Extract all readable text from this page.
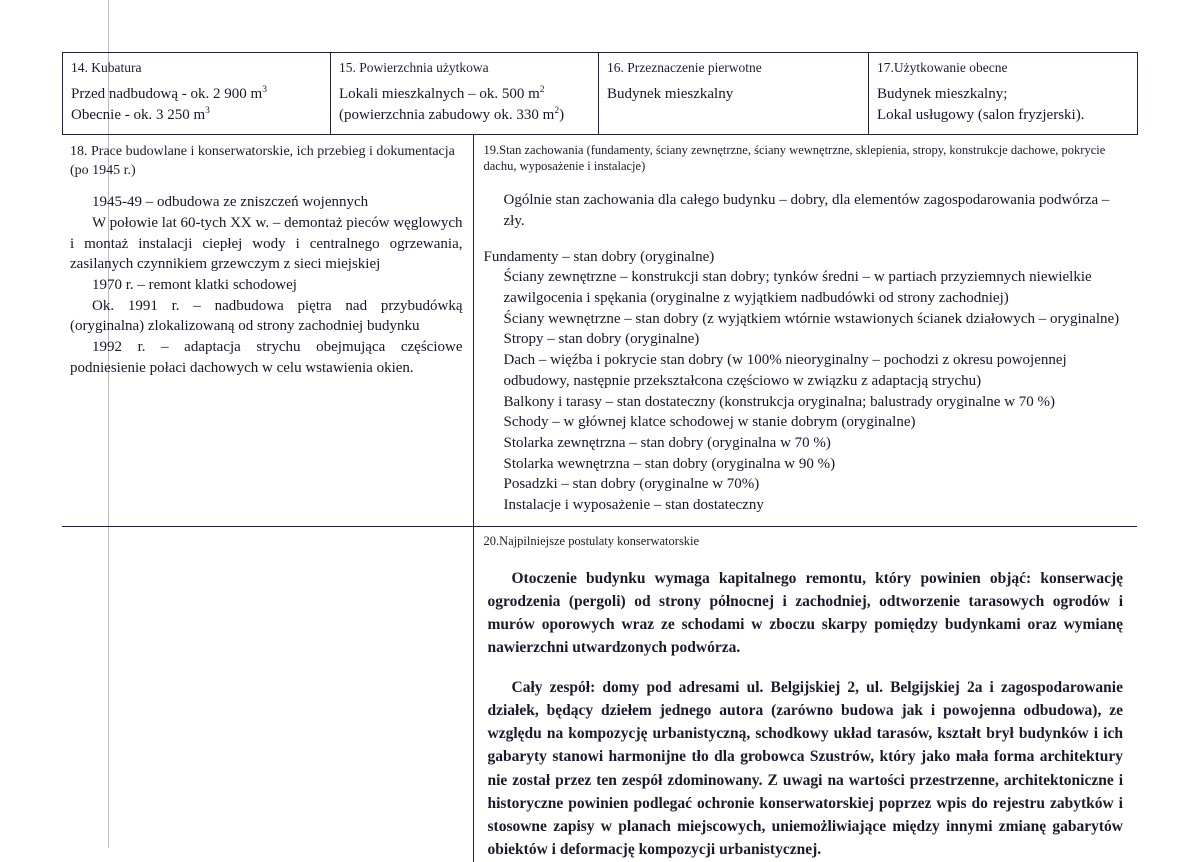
14. Kubatura
Przed nadbudową - ok. 2 900 $m^3$
Obecnie - ok. 3 250 $m^3$

15. Powierzchnia użytkowa
Lokali mieszkalnych – ok. 500 $m^2$
(powierzchnia zabudowy ok. 330 $m^2$)

16. Przeznaczenie pierwotne
Budynek mieszkalny

17.Użytkowanie obecne
Budynek mieszkalny;
Lokal usługowy (salon fryzjerski).
18. Prace budowlane i konserwatorskie, ich przebieg i dokumentacja (po 1945 r.)
1945-49 – odbudowa ze zniszczeń wojennych
W połowie lat 60-tych XX w. – demontaż pieców węglowych i montaż instalacji ciepłej wody i centralnego ogrzewania, zasilanych czynnikiem grzewczym z sieci miejskiej
1970 r. – remont klatki schodowej
Ok. 1991 r. – nadbudowa piętra nad przybudówką (oryginalna) zlokalizowaną od strony zachodniej budynku
1992 r. – adaptacja strychu obejmująca częściowe podniesienie połaci dachowych w celu wstawienia okien.

19.Stan zachowania (fundamenty, ściany zewnętrzne, ściany wewnętrzne, sklepienia, stropy, konstrukcje dachowe, pokrycie dachu, wyposażenie i instalacje)
Ogólnie stan zachowania dla całego budynku – dobry, dla elementów zagospodarowania podwórza – zły.
Fundamenty – stan dobry (oryginalne)
Ściany zewnętrzne – konstrukcji stan dobry; tynków średni – w partiach przyziemnych niewielkie zawilgocenia i spękania (oryginalne z wyjątkiem nadbudówki od strony zachodniej)
Ściany wewnętrzne – stan dobry (z wyjątkiem wtórnie wstawionych ścianek działowych – oryginalne)
Stropy – stan dobry (oryginalne)
Dach – więźba i pokrycie stan dobry (w 100% nieoryginalny – pochodzi z okresu powojennej odbudowy, następnie przekształcona częściowo w związku z adaptacją strychu)
Balkony i tarasy – stan dostateczny (konstrukcja oryginalna; balustrady oryginalne w 70 %)
Schody – w głównej klatce schodowej w stanie dobrym (oryginalne)
Stolarka zewnętrzna – stan dobry (oryginalna w 70 %)
Stolarka wewnętrzna – stan dobry (oryginalna w 90 %)
Posadzki – stan dobry (oryginalne w 70%)
Instalacje i wyposażenie – stan dostateczny

20.Najpilniejsze postulaty konserwatorskie

Otoczenie budynku wymaga kapitalnego remontu, który powinien objąć: konserwację ogrodzenia (pergoli) od strony północnej i zachodniej, odtworzenie tarasowych ogrodów i murów oporowych wraz ze schodami w zboczu skarpy pomiędzy budynkami oraz wymianę nawierzchni utwardzonych podwórza.

Cały zespół: domy pod adresami ul. Belgijskiej 2, ul. Belgijskiej 2a i zagospodarowanie działek, będący dziełem jednego autora (zarówno budowa jak i powojenna odbudowa), ze względu na kompozycję urbanistyczną, schodkowy układ tarasów, kształt brył budynków i ich gabaryty stanowi harmonijne tło dla grobowca Szustrów, który jako mała forma architektury nie został przez ten zespół zdominowany. Z uwagi na wartości przestrzenne, architektoniczne i historyczne powinien podlegać ochronie konserwatorskiej poprzez wpis do rejestru zabytków i stosowne zapisy w planach miejscowych, uniemożliwiające między innymi zmianę gabarytów obiektów i deformację kompozycji urbanistycznej.
